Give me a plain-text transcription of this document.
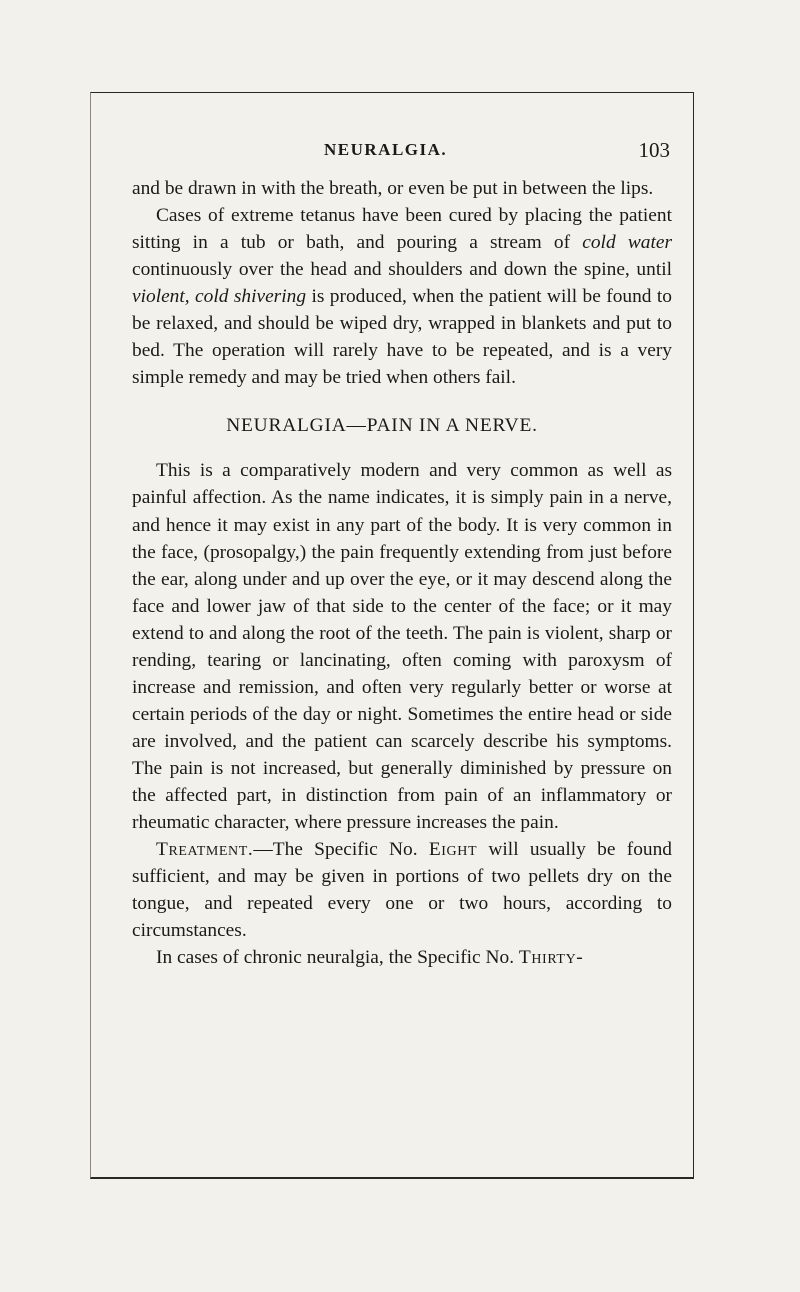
NEURALGIA.	103

and be drawn in with the breath, or even be put in between the lips.

Cases of extreme tetanus have been cured by placing the patient sitting in a tub or bath, and pouring a stream of cold water continuously over the head and shoulders and down the spine, until violent, cold shivering is produced, when the patient will be found to be relaxed, and should be wiped dry, wrapped in blankets and put to bed. The operation will rarely have to be repeated, and is a very simple remedy and may be tried when others fail.

NEURALGIA—PAIN IN A NERVE.

This is a comparatively modern and very common as well as painful affection. As the name indicates, it is simply pain in a nerve, and hence it may exist in any part of the body. It is very common in the face, (prosopalgy,) the pain frequently extending from just before the ear, along under and up over the eye, or it may descend along the face and lower jaw of that side to the center of the face; or it may extend to and along the root of the teeth. The pain is violent, sharp or rending, tearing or lancinating, often coming with paroxysm of increase and remission, and often very regularly better or worse at certain periods of the day or night. Sometimes the entire head or side are involved, and the patient can scarcely describe his symptoms. The pain is not increased, but generally diminished by pressure on the affected part, in distinction from pain of an inflammatory or rheumatic character, where pressure increases the pain.

Treatment.—The Specific No. Eight will usually be found sufficient, and may be given in portions of two pellets dry on the tongue, and repeated every one or two hours, according to circumstances.

In cases of chronic neuralgia, the Specific No. Thirty-
